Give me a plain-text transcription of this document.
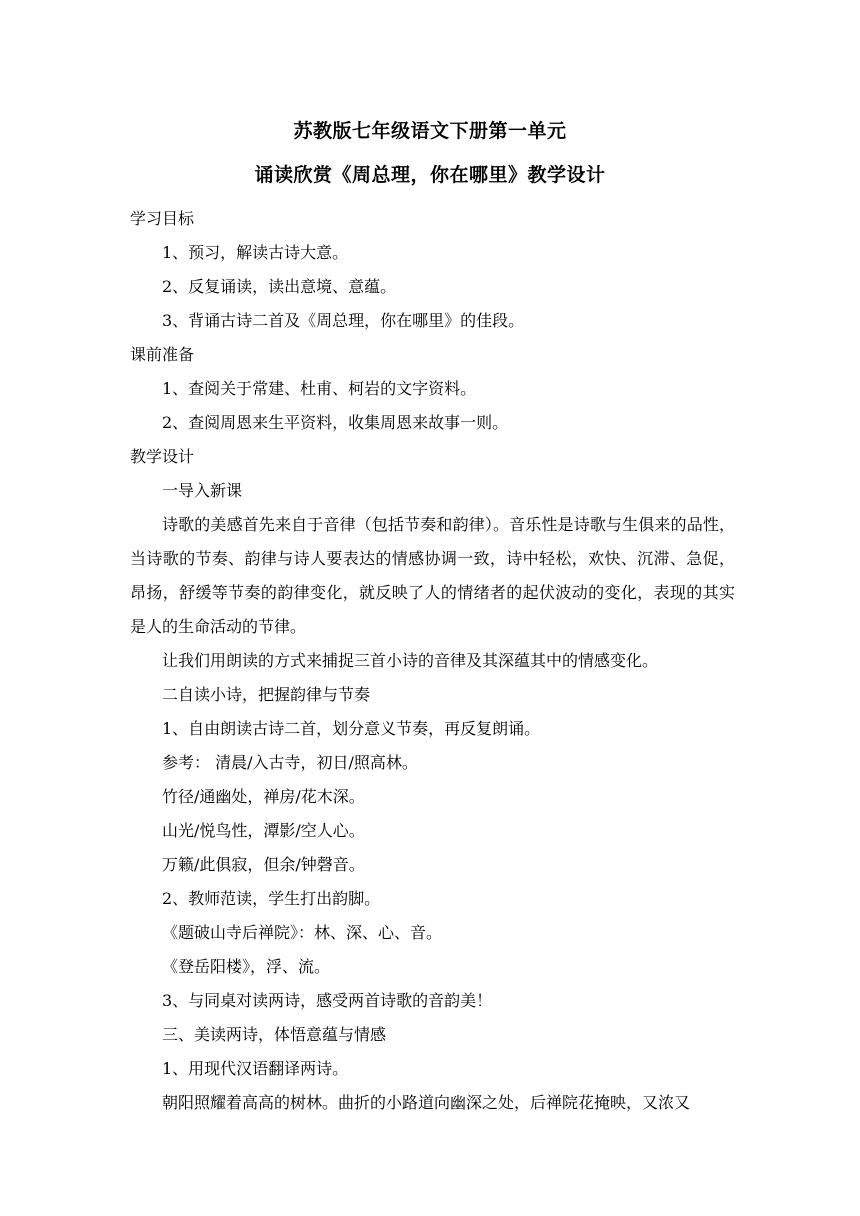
苏教版七年级语文下册第一单元
诵读欣赏《周总理，你在哪里》教学设计
学习目标
1、预习，解读古诗大意。
2、反复诵读，读出意境、意蕴。
3、背诵古诗二首及《周总理，你在哪里》的佳段。
课前准备
1、查阅关于常建、杜甫、柯岩的文字资料。
2、查阅周恩来生平资料，收集周恩来故事一则。
教学设计
一导入新课
诗歌的美感首先来自于音律（包括节奏和韵律）。音乐性是诗歌与生俱来的品性，当诗歌的节奏、韵律与诗人要表达的情感协调一致，诗中轻松，欢快、沉滞、急促，昂扬，舒缓等节奏的韵律变化，就反映了人的情绪者的起伏波动的变化，表现的其实是人的生命活动的节律。
让我们用朗读的方式来捕捉三首小诗的音律及其深蕴其中的情感变化。
二自读小诗，把握韵律与节奏
1、自由朗读古诗二首，划分意义节奏，再反复朗诵。
参考： 清晨/入古寺，初日/照高林。
竹径/通幽处，禅房/花木深。
山光/悦鸟性，潭影/空人心。
万籁/此俱寂，但余/钟磬音。
2、教师范读，学生打出韵脚。
《题破山寺后禅院》：林、深、心、音。
《登岳阳楼》，浮、流。
3、与同桌对读两诗，感受两首诗歌的音韵美！
三、美读两诗，体悟意蕴与情感
1、用现代汉语翻译两诗。
朝阳照耀着高高的树林。曲折的小路道向幽深之处，后禅院花掩映，又浓又
